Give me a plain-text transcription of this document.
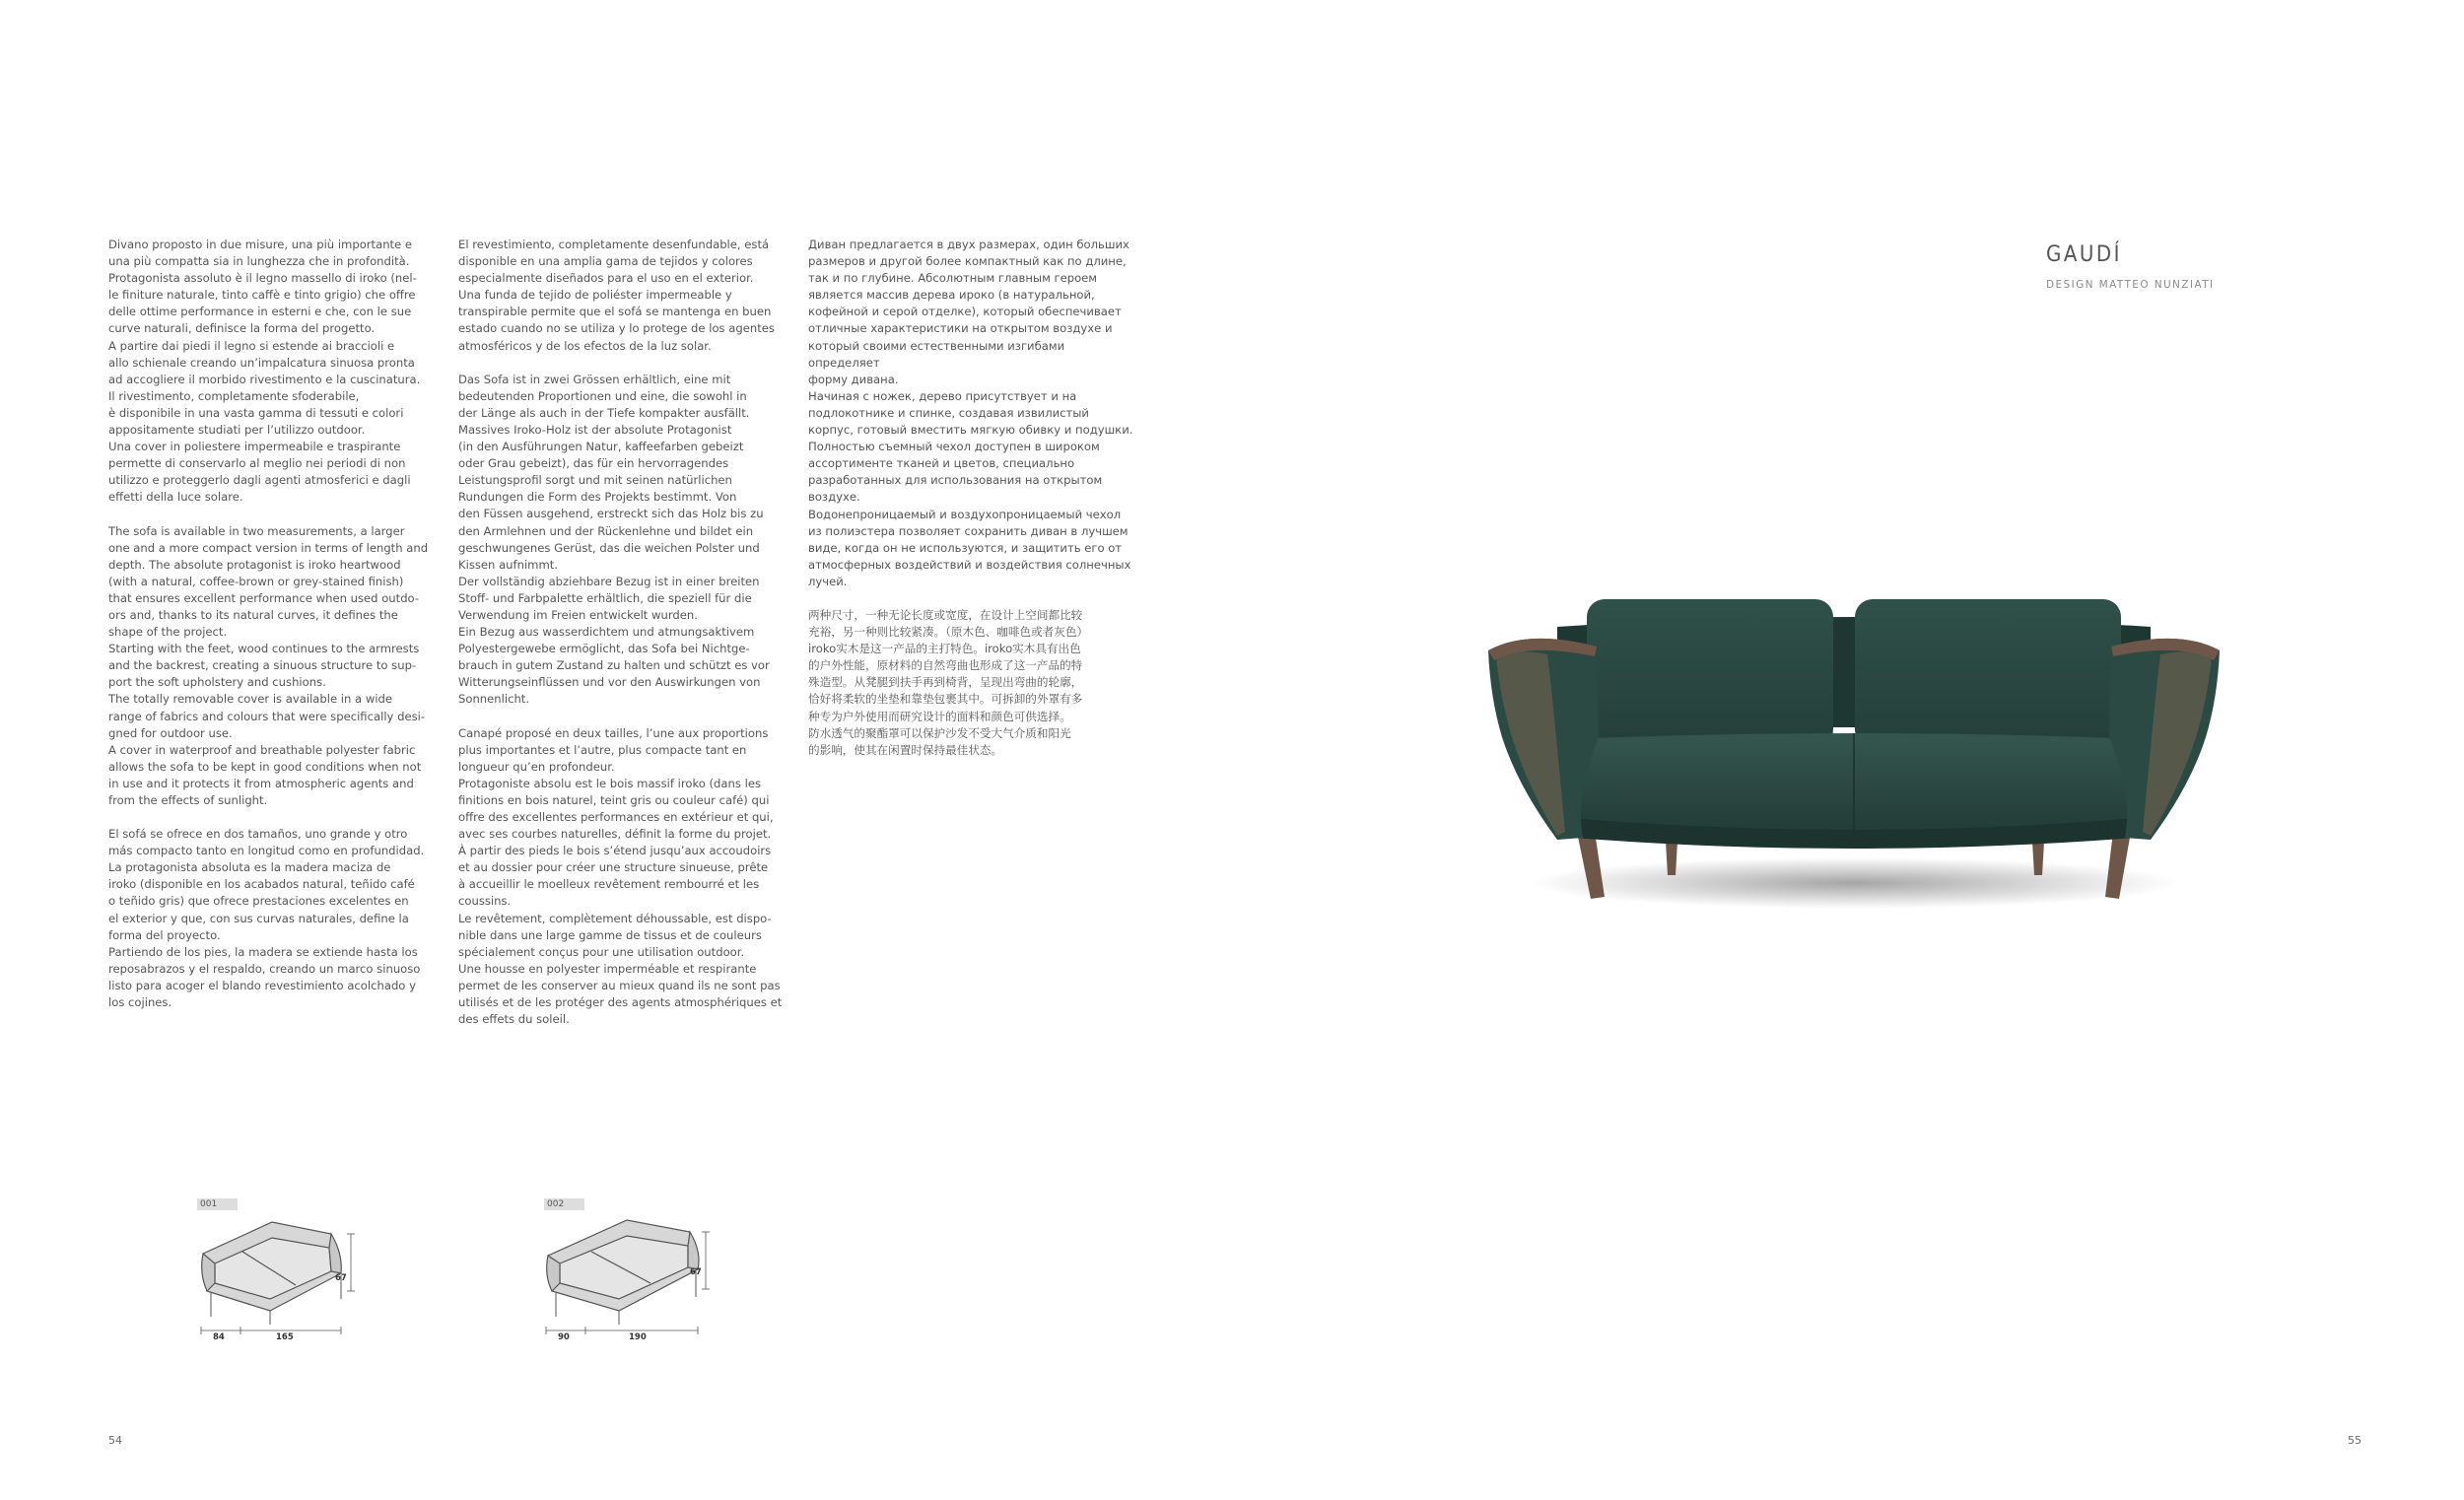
Divano proposto in due misure, una più importante e
una più compatta sia in lunghezza che in profondità.
Protagonista assoluto è il legno massello di iroko (nel-
le finiture naturale, tinto caffè e tinto grigio) che offre
delle ottime performance in esterni e che, con le sue
curve naturali, definisce la forma del progetto.
A partire dai piedi il legno si estende ai braccioli e
allo schienale creando un’impalcatura sinuosa pronta
ad accogliere il morbido rivestimento e la cuscinatura.
Il rivestimento, completamente sfoderabile,
è disponibile in una vasta gamma di tessuti e colori
appositamente studiati per l’utilizzo outdoor.
Una cover in poliestere impermeabile e traspirante
permette di conservarlo al meglio nei periodi di non
utilizzo e proteggerlo dagli agenti atmosferici e dagli
effetti della luce solare.

The sofa is available in two measurements, a larger
one and a more compact version in terms of length and
depth. The absolute protagonist is iroko heartwood
(with a natural, coffee-brown or grey-stained finish)
that ensures excellent performance when used outdo-
ors and, thanks to its natural curves, it defines the
shape of the project.
Starting with the feet, wood continues to the armrests
and the backrest, creating a sinuous structure to sup-
port the soft upholstery and cushions.
The totally removable cover is available in a wide
range of fabrics and colours that were specifically desi-
gned for outdoor use.
A cover in waterproof and breathable polyester fabric
allows the sofa to be kept in good conditions when not
in use and it protects it from atmospheric agents and
from the effects of sunlight.

El sofá se ofrece en dos tamaños, uno grande y otro
más compacto tanto en longitud como en profundidad.
La protagonista absoluta es la madera maciza de
iroko (disponible en los acabados natural, teñido café
o teñido gris) que ofrece prestaciones excelentes en
el exterior y que, con sus curvas naturales, define la
forma del proyecto.
Partiendo de los pies, la madera se extiende hasta los
reposabrazos y el respaldo, creando un marco sinuoso
listo para acoger el blando revestimiento acolchado y
los cojines.

El revestimiento, completamente desenfundable, está
disponible en una amplia gama de tejidos y colores
especialmente diseñados para el uso en el exterior.
Una funda de tejido de poliéster impermeable y
transpirable permite que el sofá se mantenga en buen
estado cuando no se utiliza y lo protege de los agentes
atmosféricos y de los efectos de la luz solar.

Das Sofa ist in zwei Grössen erhältlich, eine mit
bedeutenden Proportionen und eine, die sowohl in
der Länge als auch in der Tiefe kompakter ausfällt.
Massives Iroko-Holz ist der absolute Protagonist
(in den Ausführungen Natur, kaffeefarben gebeizt
oder Grau gebeizt), das für ein hervorragendes
Leistungsprofil sorgt und mit seinen natürlichen
Rundungen die Form des Projekts bestimmt. Von
den Füssen ausgehend, erstreckt sich das Holz bis zu
den Armlehnen und der Rückenlehne und bildet ein
geschwungenes Gerüst, das die weichen Polster und
Kissen aufnimmt.
Der vollständig abziehbare Bezug ist in einer breiten
Stoff- und Farbpalette erhältlich, die speziell für die
Verwendung im Freien entwickelt wurden.
Ein Bezug aus wasserdichtem und atmungsaktivem
Polyestergewebe ermöglicht, das Sofa bei Nichtge-
brauch in gutem Zustand zu halten und schützt es vor
Witterungseinflüssen und vor den Auswirkungen von
Sonnenlicht.

Canapé proposé en deux tailles, l’une aux proportions
plus importantes et l’autre, plus compacte tant en
longueur qu’en profondeur.
Protagoniste absolu est le bois massif iroko (dans les
finitions en bois naturel, teint gris ou couleur café) qui
offre des excellentes performances en extérieur et qui,
avec ses courbes naturelles, définit la forme du projet.
À partir des pieds le bois s’étend jusqu’aux accoudoirs
et au dossier pour créer une structure sinueuse, prête
à accueillir le moelleux revêtement rembourré et les
coussins.
Le revêtement, complètement déhoussable, est dispo-
nible dans une large gamme de tissus et de couleurs
spécialement conçus pour une utilisation outdoor.
Une housse en polyester imperméable et respirante
permet de les conserver au mieux quand ils ne sont pas
utilisés et de les protéger des agents atmosphériques et
des effets du soleil.

Диван предлагается в двух размерах, один больших
размеров и другой более компактный как по длине,
так и по глубине. Абсолютным главным героем
является массив дерева ироко (в натуральной,
кофейной и серой отделке), который обеспечивает
отличные характеристики на открытом воздухе и
который своими естественными изгибами определяет
форму дивана.
Начиная с ножек, дерево присутствует и на
подлокотнике и спинке, создавая извилистый
корпус, готовый вместить мягкую обивку и подушки.
Полностью съемный чехол доступен в широком
ассортименте тканей и цветов, специально
разработанных для использования на открытом
воздухе.
Водонепроницаемый и воздухопроницаемый чехол
из полиэстера позволяет сохранить диван в лучшем
виде, когда он не используются, и защитить его от
атмосферных воздействий и воздействия солнечных
лучей.

两种尺寸，一种无论长度或宽度，在设计上空间都比较
充裕，另一种则比较紧凑。（原木色、咖啡色或者灰色）
iroko实木是这一产品的主打特色。iroko实木具有出色
的户外性能，原材料的自然弯曲也形成了这一产品的特
殊造型。从凳腿到扶手再到椅背，呈现出弯曲的轮廓，
恰好将柔软的坐垫和靠垫包裹其中。可拆卸的外罩有多
种专为户外使用而研究设计的面料和颜色可供选择。
防水透气的聚酯罩可以保护沙发不受大气介质和阳光
的影响，使其在闲置时保持最佳状态。

GAUDÍ
DESIGN MATTEO NUNZIATI
001
67
84	165
002
67
90	190
54	55
